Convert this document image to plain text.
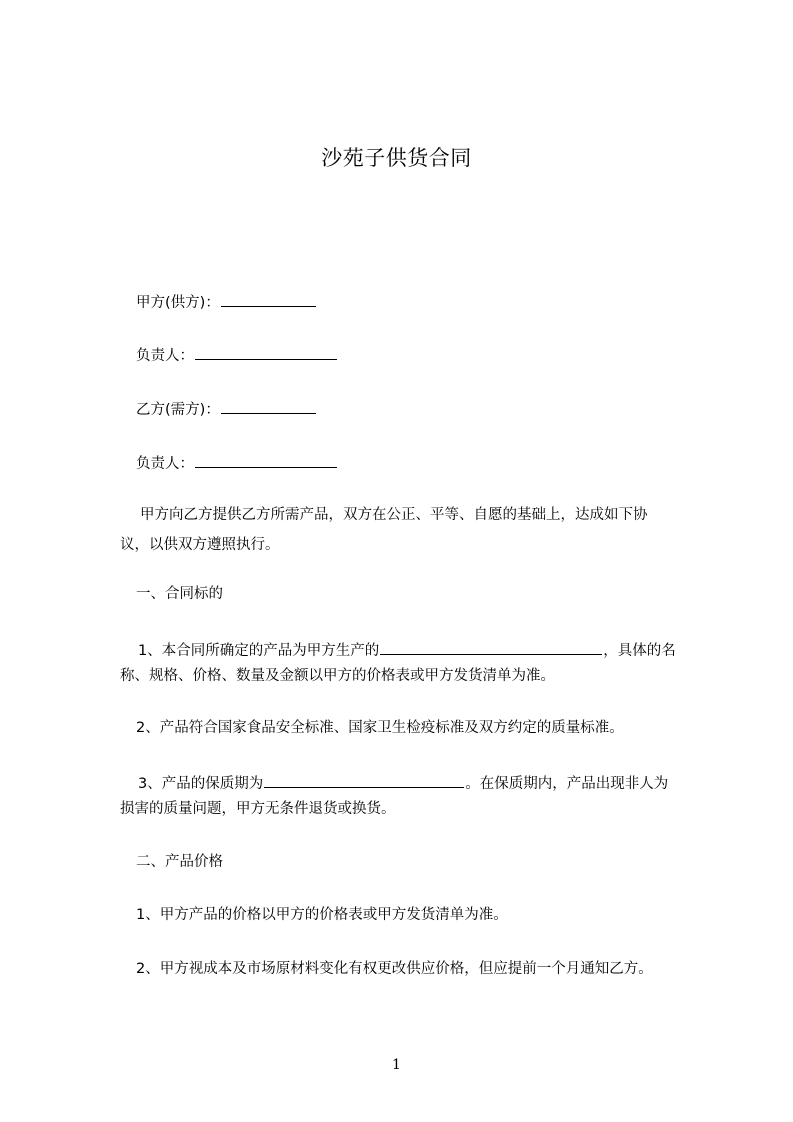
沙苑子供货合同
甲方(供方)：
负责人：
乙方(需方)：
负责人：
甲方向乙方提供乙方所需产品，双方在公正、平等、自愿的基础上，达成如下协
议，以供双方遵照执行。
一、合同标的
1、本合同所确定的产品为甲方生产的	，具体的名
称、规格、价格、数量及金额以甲方的价格表或甲方发货清单为准。
2、产品符合国家食品安全标准、国家卫生检疫标准及双方约定的质量标准。
3、产品的保质期为	。在保质期内，产品出现非人为
损害的质量问题，甲方无条件退货或换货。
二、产品价格
1、甲方产品的价格以甲方的价格表或甲方发货清单为准。
2、甲方视成本及市场原材料变化有权更改供应价格，但应提前一个月通知乙方。
1
